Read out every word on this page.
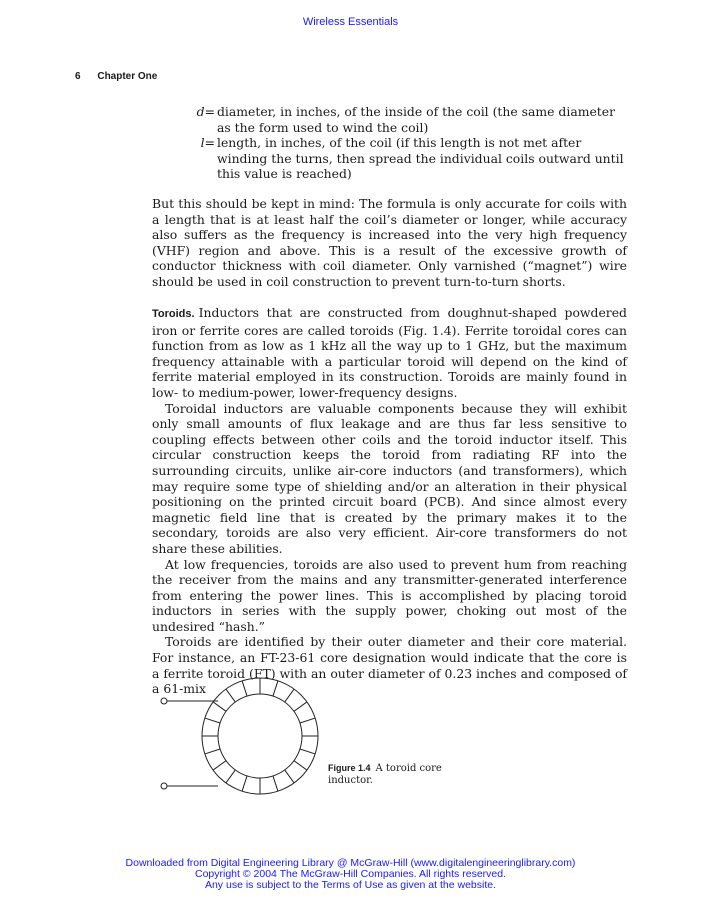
Wireless Essentials
6 Chapter One
d= diameter, in inches, of the inside of the coil (the same diameter as the form used to wind the coil)
l= length, in inches, of the coil (if this length is not met after winding the turns, then spread the individual coils outward until this value is reached)
But this should be kept in mind: The formula is only accurate for coils with a length that is at least half the coil’s diameter or longer, while accuracy also suffers as the frequency is increased into the very high frequency (VHF) region and above. This is a result of the excessive growth of conductor thickness with coil diameter. Only varnished (“magnet”) wire should be used in coil construction to prevent turn-to-turn shorts.

Toroids. Inductors that are constructed from doughnut-shaped powdered iron or ferrite cores are called toroids (Fig. 1.4). Ferrite toroidal cores can function from as low as 1 kHz all the way up to 1 GHz, but the maximum frequency attainable with a particular toroid will depend on the kind of ferrite material employed in its construction. Toroids are mainly found in low- to medium-power, lower-frequency designs.

Toroidal inductors are valuable components because they will exhibit only small amounts of flux leakage and are thus far less sensitive to coupling effects between other coils and the toroid inductor itself. This circular construction keeps the toroid from radiating RF into the surrounding circuits, unlike air-core inductors (and transformers), which may require some type of shielding and/or an alteration in their physical positioning on the printed circuit board (PCB). And since almost every magnetic field line that is created by the primary makes it to the secondary, toroids are also very efficient. Air-core transformers do not share these abilities.

At low frequencies, toroids are also used to prevent hum from reaching the receiver from the mains and any transmitter-generated interference from entering the power lines. This is accomplished by placing toroid inductors in series with the supply power, choking out most of the undesired “hash.”

Toroids are identified by their outer diameter and their core material. For instance, an FT-23-61 core designation would indicate that the core is a ferrite toroid (FT) with an outer diameter of 0.23 inches and composed of a 61-mix

Figure 1.4 A toroid core inductor.
Downloaded from Digital Engineering Library @ McGraw-Hill (www.digitalengineeringlibrary.com)
Copyright © 2004 The McGraw-Hill Companies. All rights reserved.
Any use is subject to the Terms of Use as given at the website.
